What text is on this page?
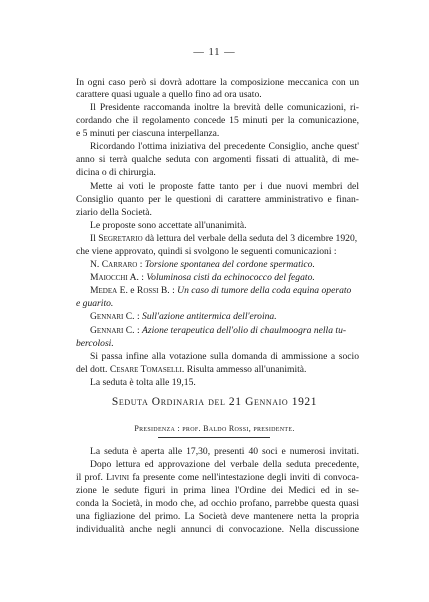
— 11 —
In ogni caso però si dovrà adottare la composizione meccanica con un
carattere quasi uguale a quello fino ad ora usato.
Il Presidente raccomanda inoltre la brevità delle comunicazioni, ri-
cordando che il regolamento concede 15 minuti per la comunicazione,
e 5 minuti per ciascuna interpellanza.
Ricordando l'ottima iniziativa del precedente Consiglio, anche quest'
anno si terrà qualche seduta con argomenti fissati di attualità, di me-
dicina o di chirurgia.
Mette ai voti le proposte fatte tanto per i due nuovi membri del
Consiglio quanto per le questioni di carattere amministrativo e finan-
ziario della Società.
Le proposte sono accettate all'unanimità.
Il Segretario dà lettura del verbale della seduta del 3 dicembre 1920,
che viene approvato, quindi si svolgono le seguenti comunicazioni :
N. Carraro : Torsione spontanea del cordone spermatico.
Maiocchi A. : Voluminosa cisti da echinococco del fegato.
Medea E. e Rossi B. : Un caso di tumore della coda equina operato
e guarito.
Gennari C. : Sull'azione antitermica dell'eroina.
Gennari C. : Azione terapeutica dell'olio di chaulmoogra nella tu-
bercolosi.
Si passa infine alla votazione sulla domanda di ammissione a socio
del dott. Cesare Tomaselli. Risulta ammesso all'unanimità.
La seduta è tolta alle 19,15.
Seduta Ordinaria del 21 Gennaio 1921
Presidenza : prof. Baldo Rossi, presidente.
La seduta è aperta alle 17,30, presenti 40 soci e numerosi invitati.
Dopo lettura ed approvazione del verbale della seduta precedente,
il prof. Livini fa presente come nell'intestazione degli inviti di convoca-
zione le sedute figuri in prima linea l'Ordine dei Medici ed in se-
conda la Società, in modo che, ad occhio profano, parrebbe questa quasi
una figliazione del primo. La Società deve mantenere netta la propria
individualità anche negli annunci di convocazione. Nella discussione
